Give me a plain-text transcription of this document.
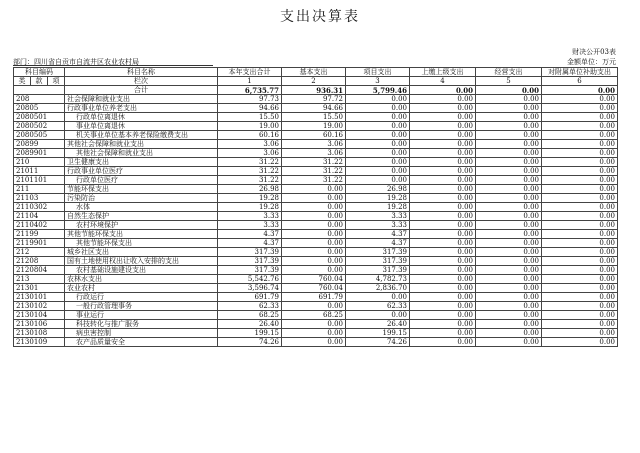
支出决算表
财决公开03表
部门：四川省自贡市自流井区农业农村局	金额单位：万元
科目编码			科目名称	本年支出合计	基本支出	项目支出	上缴上级支出	经营支出	对附属单位补助支出
类	款	项							
			栏次	1	2	3	4	5	6
			合计	6,735.77	936.31	5,799.46	0.00	0.00	0.00
208			社会保障和就业支出	97.73	97.72	0.00	0.00	0.00	0.00
20805			行政事业单位养老支出	94.66	94.66	0.00	0.00	0.00	0.00
2080501			行政单位离退休	15.50	15.50	0.00	0.00	0.00	0.00
2080502			事业单位离退休	19.00	19.00	0.00	0.00	0.00	0.00
2080505			机关事业单位基本养老保险缴费支出	60.16	60.16	0.00	0.00	0.00	0.00
20899			其他社会保障和就业支出	3.06	3.06	0.00	0.00	0.00	0.00
2089901			其他社会保障和就业支出	3.06	3.06	0.00	0.00	0.00	0.00
210			卫生健康支出	31.22	31.22	0.00	0.00	0.00	0.00
21011			行政事业单位医疗	31.22	31.22	0.00	0.00	0.00	0.00
2101101			行政单位医疗	31.22	31.22	0.00	0.00	0.00	0.00
211			节能环保支出	26.98	0.00	26.98	0.00	0.00	0.00
21103			污染防治	19.28	0.00	19.28	0.00	0.00	0.00
2110302			水体	19.28	0.00	19.28	0.00	0.00	0.00
21104			自然生态保护	3.33	0.00	3.33	0.00	0.00	0.00
2110402			农村环境保护	3.33	0.00	3.33	0.00	0.00	0.00
21199			其他节能环保支出	4.37	0.00	4.37	0.00	0.00	0.00
2119901			其他节能环保支出	4.37	0.00	4.37	0.00	0.00	0.00
212			城乡社区支出	317.39	0.00	317.39	0.00	0.00	0.00
21208			国有土地使用权出让收入安排的支出	317.39	0.00	317.39	0.00	0.00	0.00
2120804			农村基础设施建设支出	317.39	0.00	317.39	0.00	0.00	0.00
213			农林水支出	5,542.76	760.04	4,782.73	0.00	0.00	0.00
21301			农业农村	3,596.74	760.04	2,836.70	0.00	0.00	0.00
2130101			行政运行	691.79	691.79	0.00	0.00	0.00	0.00
2130102			一般行政管理事务	62.33	0.00	62.33	0.00	0.00	0.00
2130104			事业运行	68.25	68.25	0.00	0.00	0.00	0.00
2130106			科技转化与推广服务	26.40	0.00	26.40	0.00	0.00	0.00
2130108			病虫害控制	199.15	0.00	199.15	0.00	0.00	0.00
2130109			农产品质量安全	74.26	0.00	74.26	0.00	0.00	0.00
